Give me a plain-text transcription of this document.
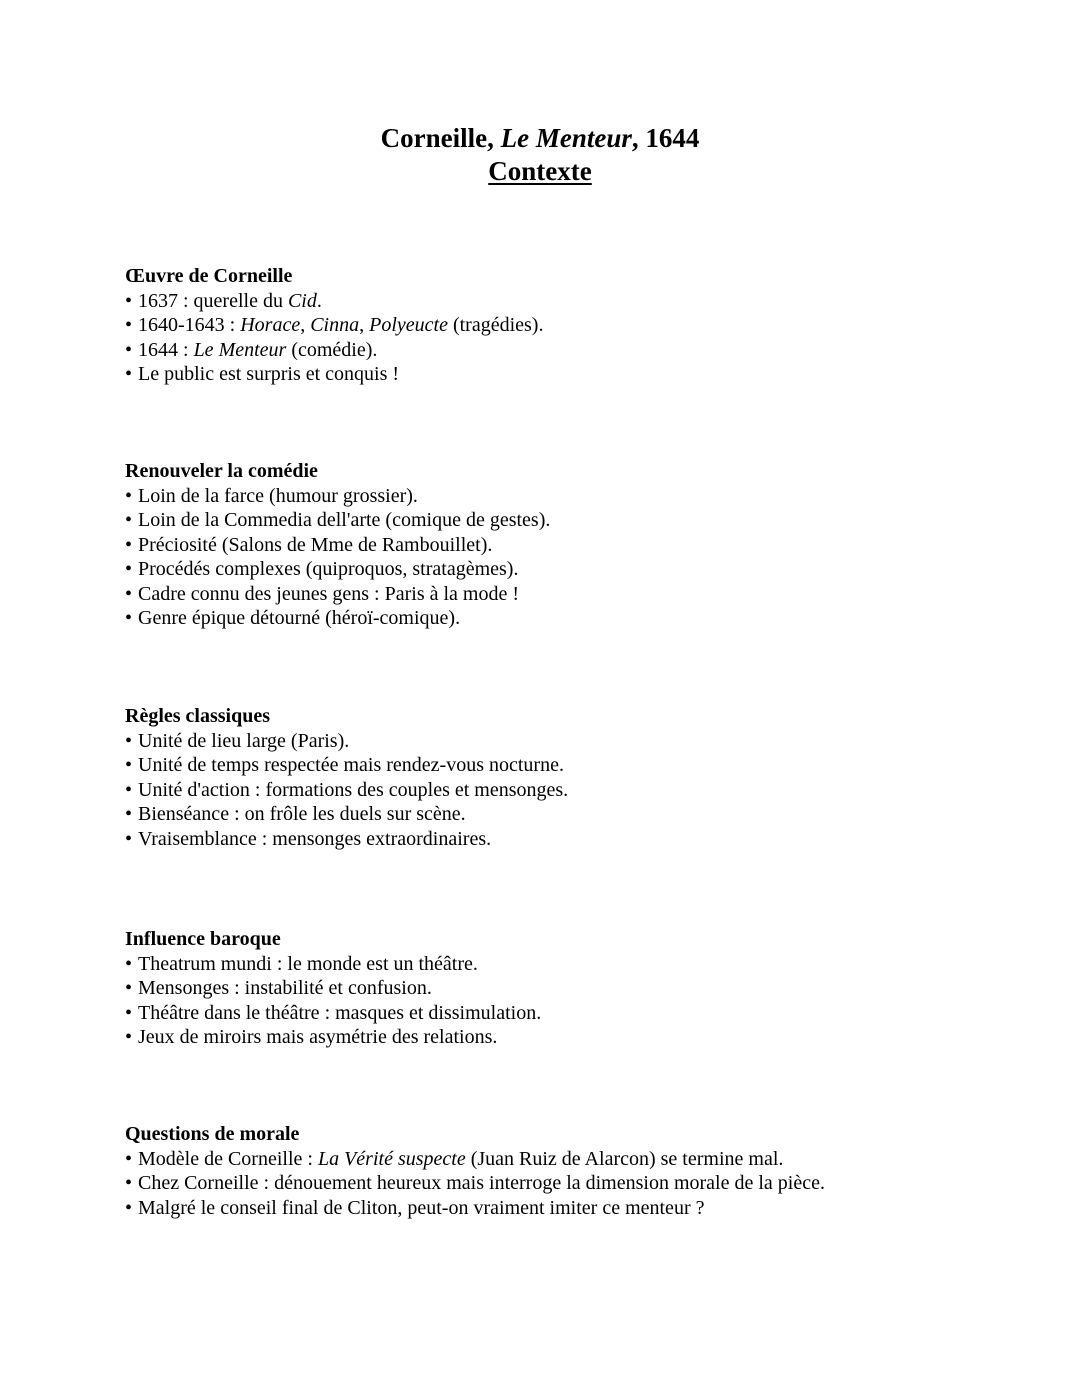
Corneille, Le Menteur, 1644
Contexte
Œuvre de Corneille
• 1637 : querelle du Cid.
• 1640-1643 : Horace, Cinna, Polyeucte (tragédies).
• 1644 : Le Menteur (comédie).
• Le public est surpris et conquis !
Renouveler la comédie
• Loin de la farce (humour grossier).
• Loin de la Commedia dell'arte (comique de gestes).
• Préciosité (Salons de Mme de Rambouillet).
• Procédés complexes (quiproquos, stratagèmes).
• Cadre connu des jeunes gens : Paris à la mode !
• Genre épique détourné (héroï-comique).
Règles classiques
• Unité de lieu large (Paris).
• Unité de temps respectée mais rendez-vous nocturne.
• Unité d'action : formations des couples et mensonges.
• Bienséance : on frôle les duels sur scène.
• Vraisemblance : mensonges extraordinaires.
Influence baroque
• Theatrum mundi : le monde est un théâtre.
• Mensonges : instabilité et confusion.
• Théâtre dans le théâtre : masques et dissimulation.
• Jeux de miroirs mais asymétrie des relations.
Questions de morale
• Modèle de Corneille : La Vérité suspecte (Juan Ruiz de Alarcon) se termine mal.
• Chez Corneille : dénouement heureux mais interroge la dimension morale de la pièce.
• Malgré le conseil final de Cliton, peut-on vraiment imiter ce menteur ?
